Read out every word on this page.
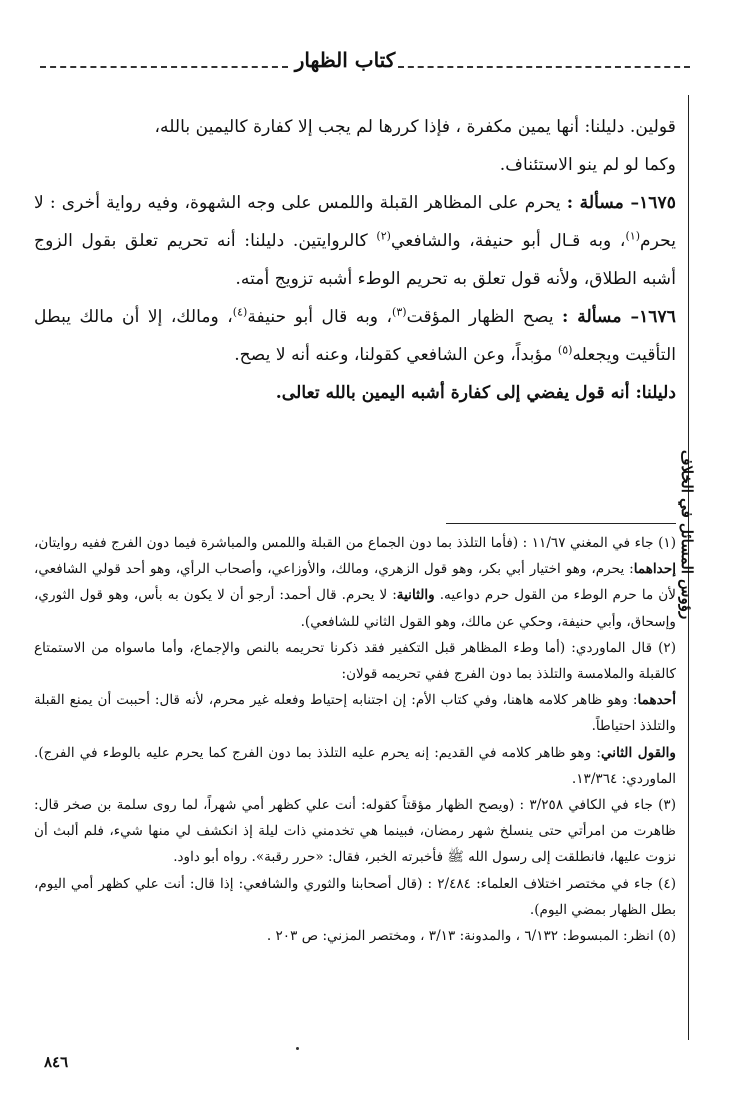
كتاب الظهار
رؤوس المسائل في الخلاف

قولين. دليلنا: أنها يمين مكفرة ، فإذا كررها لم يجب إلا كفارة كاليمين بالله،
وكما لو لم ينو الاستئناف.

١٦٧٥– مسألة : يحرم على المظاهر القبلة واللمس على وجه الشهوة، وفيه رواية أخرى : لا يحرم$^{(١)}$، وبه قـال أبو حنيفة، والشافعي$^{(٢)}$ كالروايتين. دليلنا: أنه تحريم تعلق بقول الزوج أشبه الطلاق، ولأنه قول تعلق به تحريم الوطء أشبه تزويج أمته.

١٦٧٦– مسألة : يصح الظهار المؤقت$^{(٣)}$، وبه قال أبو حنيفة$^{(٤)}$، ومالك، إلا أن مالك يبطل التأقيت ويجعله$^{(٥)}$ مؤبداً، وعن الشافعي كقولنا، وعنه أنه لا يصح.
دليلنا: أنه قول يفضي إلى كفارة أشبه اليمين بالله تعالى.

(١) جاء في المغني ١١/٦٧ : (فأما التلذذ بما دون الجماع من القبلة واللمس والمباشرة فيما دون الفرج ففيه روايتان، إحداهما: يحرم، وهو اختيار أبي بكر، وهو قول الزهري، ومالك، والأوزاعي، وأصحاب الرأي، وهو أحد قولي الشافعي، لأن ما حرم الوطء من القول حرم دواعيه. والثانية: لا يحرم. قال أحمد: أرجو أن لا يكون به بأس، وهو قول الثوري، وإسحاق، وأبي حنيفة، وحكي عن مالك، وهو القول الثاني للشافعي).

(٢) قال الماوردي: (أما وطء المظاهر قبل التكفير فقد ذكرنا تحريمه بالنص والإجماع، وأما ماسواه من الاستمتاع كالقبلة والملامسة والتلذذ بما دون الفرج ففي تحريمه قولان:

أحدهما: وهو ظاهر كلامه هاهنا، وفي كتاب الأم: إن اجتنابه إحتياط وفعله غير محرم، لأنه قال: أحببت أن يمنع القبلة والتلذذ احتياطاً.

والقول الثاني: وهو ظاهر كلامه في القديم: إنه يحرم عليه التلذذ بما دون الفرج كما يحرم عليه بالوطء في الفرج). الماوردي: ١٣/٣٦٤.

(٣) جاء في الكافي ٣/٢٥٨ : (ويصح الظهار مؤقتاً كقوله: أنت علي كظهر أمي شهراً، لما روى سلمة بن صخر قال: ظاهرت من امرأتي حتى ينسلخ شهر رمضان، فبينما هي تخدمني ذات ليلة إذ انكشف لي منها شيء، فلم ألبث أن نزوت عليها، فانطلقت إلى رسول الله ﷺ فأخبرته الخبر، فقال: «حرر رقبة». رواه أبو داود.

(٤) جاء في مختصر اختلاف العلماء: ٢/٤٨٤ : (قال أصحابنا والثوري والشافعي: إذا قال: أنت علي كظهر أمي اليوم، بطل الظهار بمضي اليوم).

(٥) انظر: المبسوط: ٦/١٣٢ ، والمدونة: ٣/١٣ ، ومختصر المزني: ص ٢٠٣ .

٨٤٦
